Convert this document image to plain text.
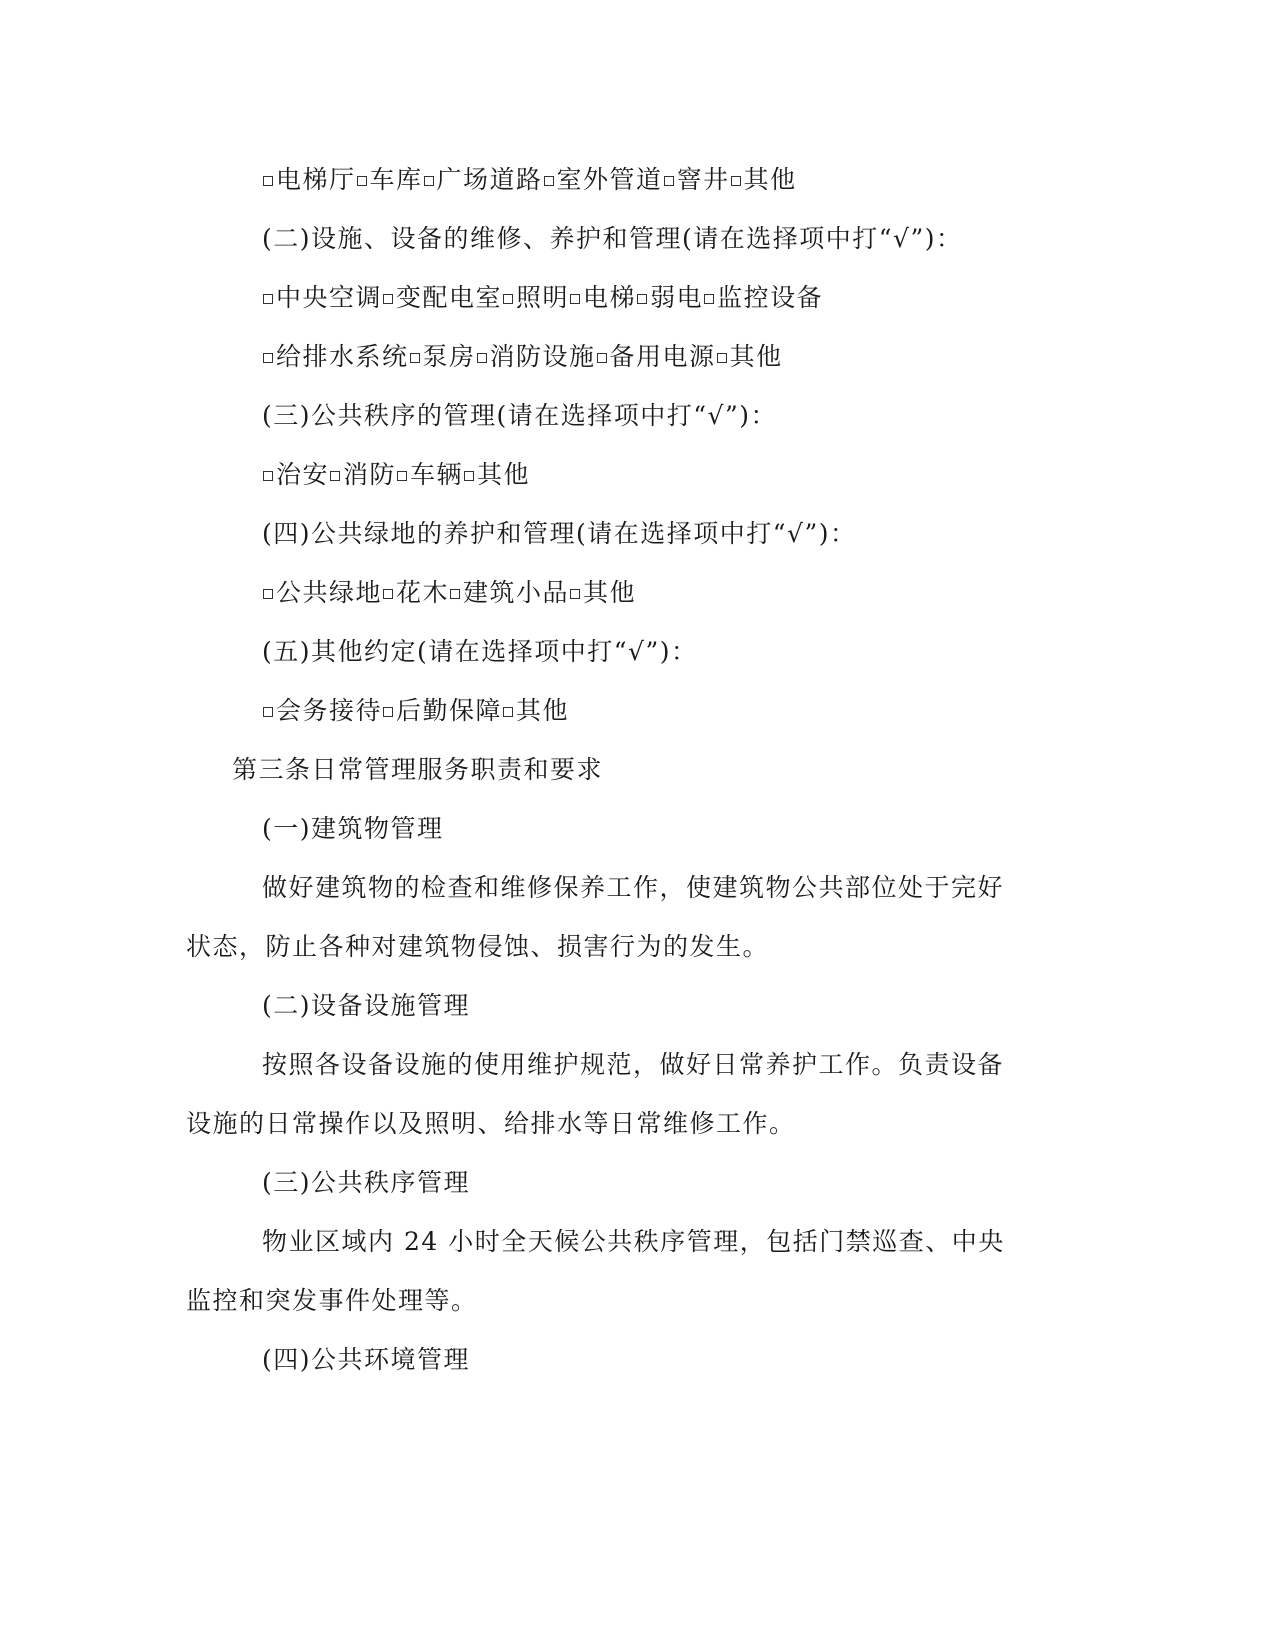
电梯厅 车库 广场道路 室外管道 窨井 其他
(二)设施、设备的维修、养护和管理(请在选择项中打“√”)：
中央空调 变配电室 照明 电梯 弱电 监控设备
给排水系统 泵房 消防设施 备用电源 其他
(三)公共秩序的管理(请在选择项中打“√”)：
治安 消防 车辆 其他
(四)公共绿地的养护和管理(请在选择项中打“√”)：
公共绿地 花木 建筑小品 其他
(五)其他约定(请在选择项中打“√”)：
会务接待 后勤保障 其他
第三条日常管理服务职责和要求
(一)建筑物管理
做好建筑物的检查和维修保养工作，使建筑物公共部位处于完好
状态，防止各种对建筑物侵蚀、损害行为的发生。
(二)设备设施管理
按照各设备设施的使用维护规范，做好日常养护工作。负责设备
设施的日常操作以及照明、给排水等日常维修工作。
(三)公共秩序管理
物业区域内 24 小时全天候公共秩序管理，包括门禁巡查、中央
监控和突发事件处理等。
(四)公共环境管理
